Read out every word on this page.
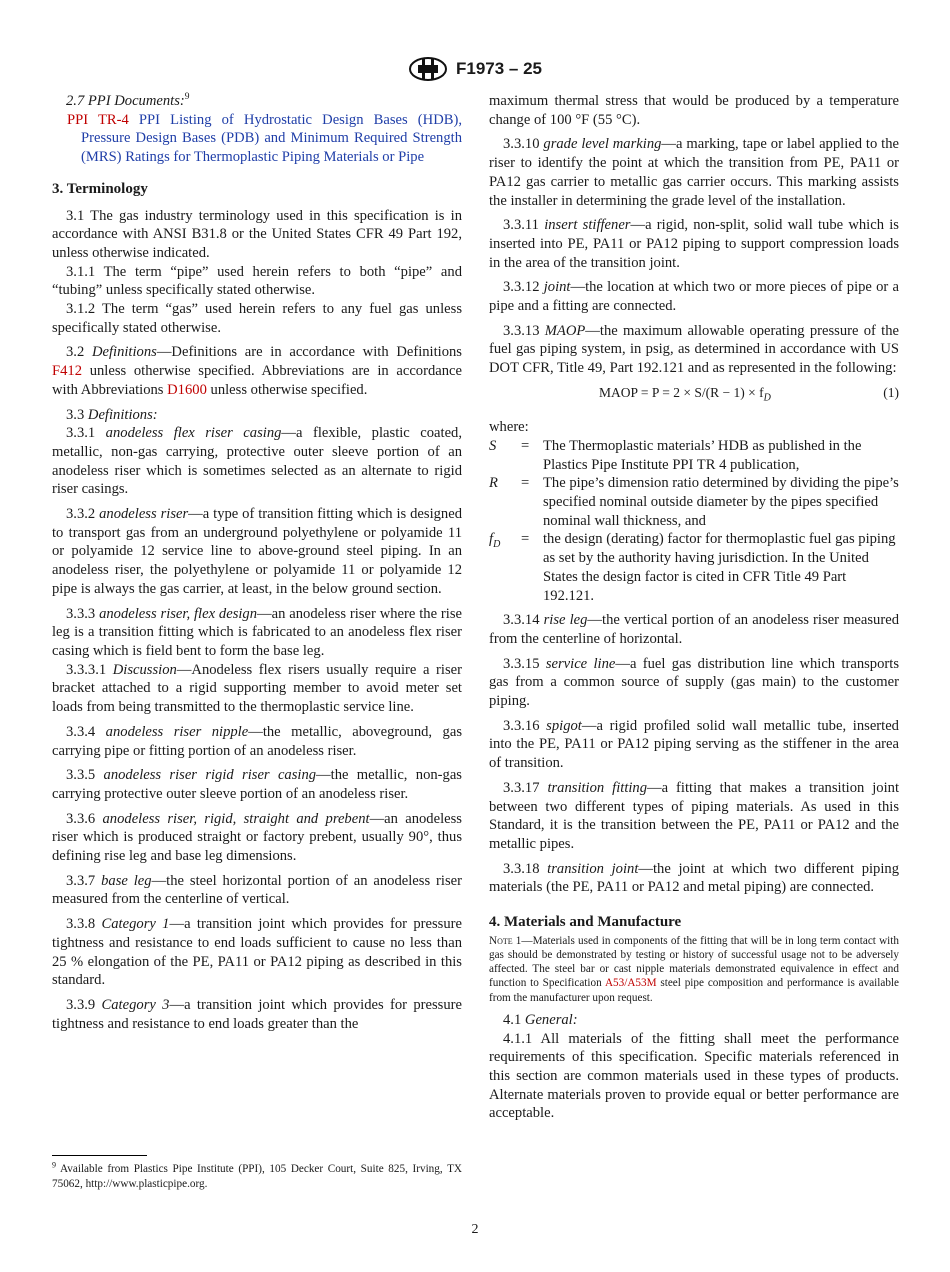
F1973 – 25

2.7 PPI Documents:$^9$

PPI TR-4 PPI Listing of Hydrostatic Design Bases (HDB), Pressure Design Bases (PDB) and Minimum Required Strength (MRS) Ratings for Thermoplastic Piping Materials or Pipe

3. Terminology

3.1 The gas industry terminology used in this specification is in accordance with ANSI B31.8 or the United States CFR 49 Part 192, unless otherwise indicated.

3.1.1 The term “pipe” used herein refers to both “pipe” and “tubing” unless specifically stated otherwise.

3.1.2 The term “gas” used herein refers to any fuel gas unless specifically stated otherwise.

3.2 Definitions—Definitions are in accordance with Definitions F412 unless otherwise specified. Abbreviations are in accordance with Abbreviations D1600 unless otherwise specified.

3.3 Definitions:

3.3.1 anodeless flex riser casing—a flexible, plastic coated, metallic, non-gas carrying, protective outer sleeve portion of an anodeless riser which is sometimes selected as an alternate to rigid riser casings.

3.3.2 anodeless riser—a type of transition fitting which is designed to transport gas from an underground polyethylene or polyamide 11 or polyamide 12 service line to above-ground steel piping. In an anodeless riser, the polyethylene or polyamide 11 or polyamide 12 pipe is always the gas carrier, at least, in the below ground section.

3.3.3 anodeless riser, flex design—an anodeless riser where the rise leg is a transition fitting which is fabricated to an anodeless flex riser casing which is field bent to form the base leg.

3.3.3.1 Discussion—Anodeless flex risers usually require a riser bracket attached to a rigid supporting member to avoid meter set loads from being transmitted to the thermoplastic service line.

3.3.4 anodeless riser nipple—the metallic, aboveground, gas carrying pipe or fitting portion of an anodeless riser.

3.3.5 anodeless riser rigid riser casing—the metallic, non-gas carrying protective outer sleeve portion of an anodeless riser.

3.3.6 anodeless riser, rigid, straight and prebent—an anodeless riser which is produced straight or factory prebent, usually 90°, thus defining rise leg and base leg dimensions.

3.3.7 base leg—the steel horizontal portion of an anodeless riser measured from the centerline of vertical.

3.3.8 Category 1—a transition joint which provides for pressure tightness and resistance to end loads sufficient to cause no less than 25 % elongation of the PE, PA11 or PA12 piping as described in this standard.

3.3.9 Category 3—a transition joint which provides for pressure tightness and resistance to end loads greater than the

$^9$ Available from Plastics Pipe Institute (PPI), 105 Decker Court, Suite 825, Irving, TX 75062, http://www.plasticpipe.org.

maximum thermal stress that would be produced by a temperature change of 100 °F (55 °C).

3.3.10 grade level marking—a marking, tape or label applied to the riser to identify the point at which the transition from PE, PA11 or PA12 gas carrier to metallic gas carrier occurs. This marking assists the installer in determining the grade level of the installation.

3.3.11 insert stiffener—a rigid, non-split, solid wall tube which is inserted into PE, PA11 or PA12 piping to support compression loads in the area of the transition joint.

3.3.12 joint—the location at which two or more pieces of pipe or a pipe and a fitting are connected.

3.3.13 MAOP—the maximum allowable operating pressure of the fuel gas piping system, in psig, as determined in accordance with US DOT CFR, Title 49, Part 192.121 and as represented in the following:

MAOP = $P = 2 \times S/(R - 1) \times f_D$	(1)

where:

S	= The Thermoplastic materials’ HDB as published in the Plastics Pipe Institute PPI TR 4 publication,
R	= The pipe’s dimension ratio determined by dividing the pipe’s specified nominal outside diameter by the pipes specified nominal wall thickness, and
$f_D$	= the design (derating) factor for thermoplastic fuel gas piping as set by the authority having jurisdiction. In the United States the design factor is cited in CFR Title 49 Part 192.121.

3.3.14 rise leg—the vertical portion of an anodeless riser measured from the centerline of horizontal.

3.3.15 service line—a fuel gas distribution line which transports gas from a common source of supply (gas main) to the customer piping.

3.3.16 spigot—a rigid profiled solid wall metallic tube, inserted into the PE, PA11 or PA12 piping serving as the stiffener in the area of transition.

3.3.17 transition fitting—a fitting that makes a transition joint between two different types of piping materials. As used in this Standard, it is the transition between the PE, PA11 or PA12 and the metallic pipes.

3.3.18 transition joint—the joint at which two different piping materials (the PE, PA11 or PA12 and metal piping) are connected.

4. Materials and Manufacture

Note 1—Materials used in components of the fitting that will be in long term contact with gas should be demonstrated by testing or history of successful usage not to be adversely affected. The steel bar or cast nipple materials demonstrated equivalence in effect and function to Specification A53/A53M steel pipe composition and performance is available from the manufacturer upon request.

4.1 General:

4.1.1 All materials of the fitting shall meet the performance requirements of this specification. Specific materials referenced in this section are common materials used in these types of products. Alternate materials proven to provide equal or better performance are acceptable.

2
